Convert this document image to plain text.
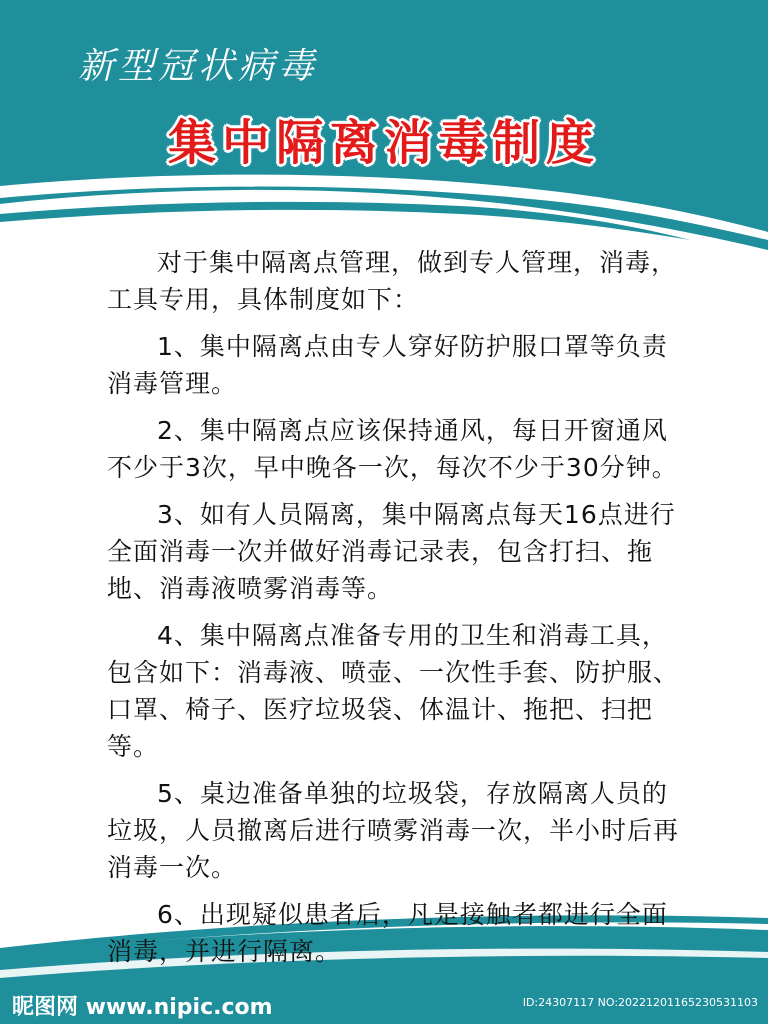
新型冠状病毒
集中隔离消毒制度

对于集中隔离点管理，做到专人管理，消毒，工具专用，具体制度如下：

1、集中隔离点由专人穿好防护服口罩等负责消毒管理。

2、集中隔离点应该保持通风，每日开窗通风不少于3次，早中晚各一次，每次不少于30分钟。

3、如有人员隔离，集中隔离点每天16点进行全面消毒一次并做好消毒记录表，包含打扫、拖地、消毒液喷雾消毒等。

4、集中隔离点准备专用的卫生和消毒工具，包含如下：消毒液、喷壶、一次性手套、防护服、口罩、椅子、医疗垃圾袋、体温计、拖把、扫把等。

5、桌边准备单独的垃圾袋，存放隔离人员的垃圾，人员撤离后进行喷雾消毒一次，半小时后再消毒一次。

6、出现疑似患者后，凡是接触者都进行全面消毒，并进行隔离。

昵图网 www.nipic.com	ID:24307117 NO:20221201165230531103
